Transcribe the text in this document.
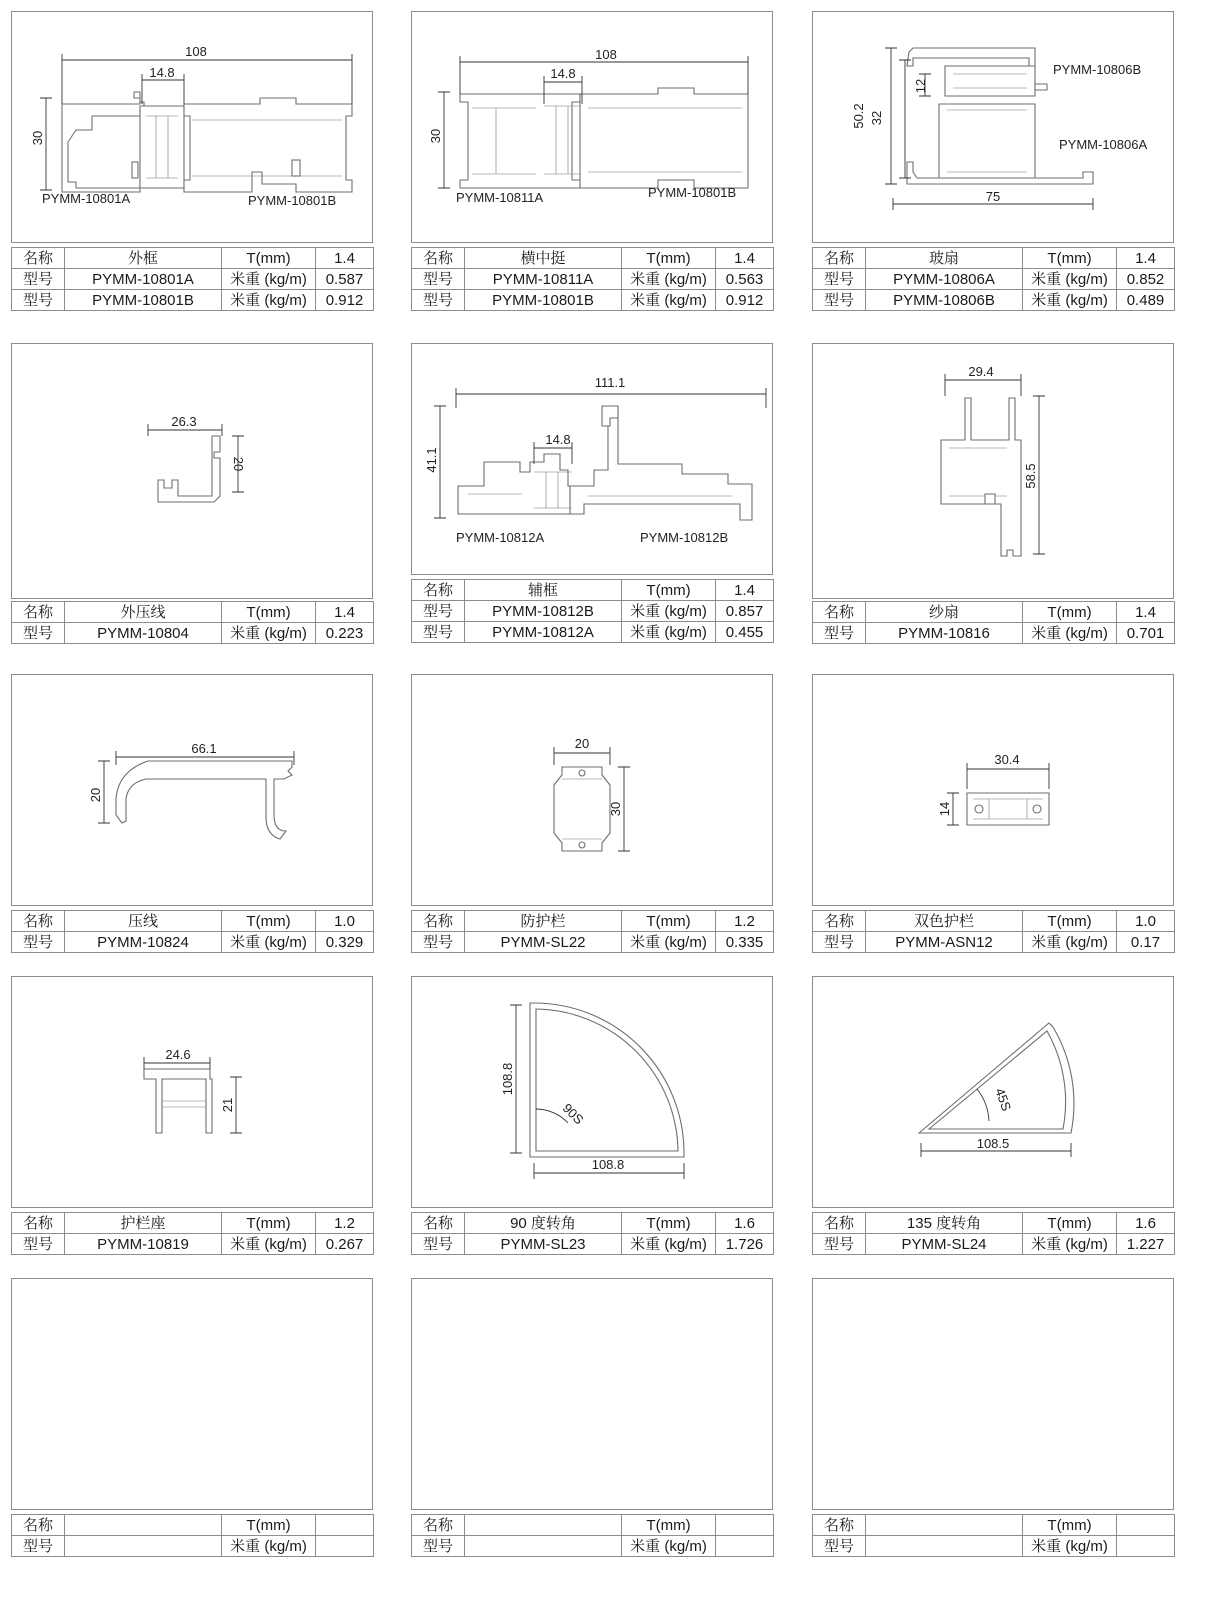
108
14.8
30
PYMM-10801A	PYMM-10801B
名称	外框	T(mm)	1.4
型号	PYMM-10801A	米重 (kg/m)	0.587
型号	PYMM-10801B	米重 (kg/m)	0.912
108
14.8
30
PYMM-10811A	PYMM-10801B
名称	横中挺	T(mm)	1.4
型号	PYMM-10811A	米重 (kg/m)	0.563
型号	PYMM-10801B	米重 (kg/m)	0.912
50.2 32
12
75
PYMM-10806B
PYMM-10806A
名称	玻扇	T(mm)	1.4
型号	PYMM-10806A	米重 (kg/m)	0.852
型号	PYMM-10806B	米重 (kg/m)	0.489
26.3
20
名称	外压线	T(mm)	1.4
型号	PYMM-10804	米重 (kg/m)	0.223
111.1
14.8
41.1
PYMM-10812A	PYMM-10812B
名称	辅框	T(mm)	1.4
型号	PYMM-10812B	米重 (kg/m)	0.857
型号	PYMM-10812A	米重 (kg/m)	0.455
29.4
58.5
名称	纱扇	T(mm)	1.4
型号	PYMM-10816	米重 (kg/m)	0.701
66.1
20
名称	压线	T(mm)	1.0
型号	PYMM-10824	米重 (kg/m)	0.329
20
30
名称	防护栏	T(mm)	1.2
型号	PYMM-SL22	米重 (kg/m)	0.335
30.4
14
名称	双色护栏	T(mm)	1.0
型号	PYMM-ASN12	米重 (kg/m)	0.17
24.6
21
名称	护栏座	T(mm)	1.2
型号	PYMM-10819	米重 (kg/m)	0.267
108.8
108.8
90S
名称	90 度转角	T(mm)	1.6
型号	PYMM-SL23	米重 (kg/m)	1.726
108.5
45S
名称	135 度转角	T(mm)	1.6
型号	PYMM-SL24	米重 (kg/m)	1.227
名称		T(mm)	
型号		米重 (kg/m)	
名称		T(mm)	
型号		米重 (kg/m)	
名称		T(mm)	
型号		米重 (kg/m)	
